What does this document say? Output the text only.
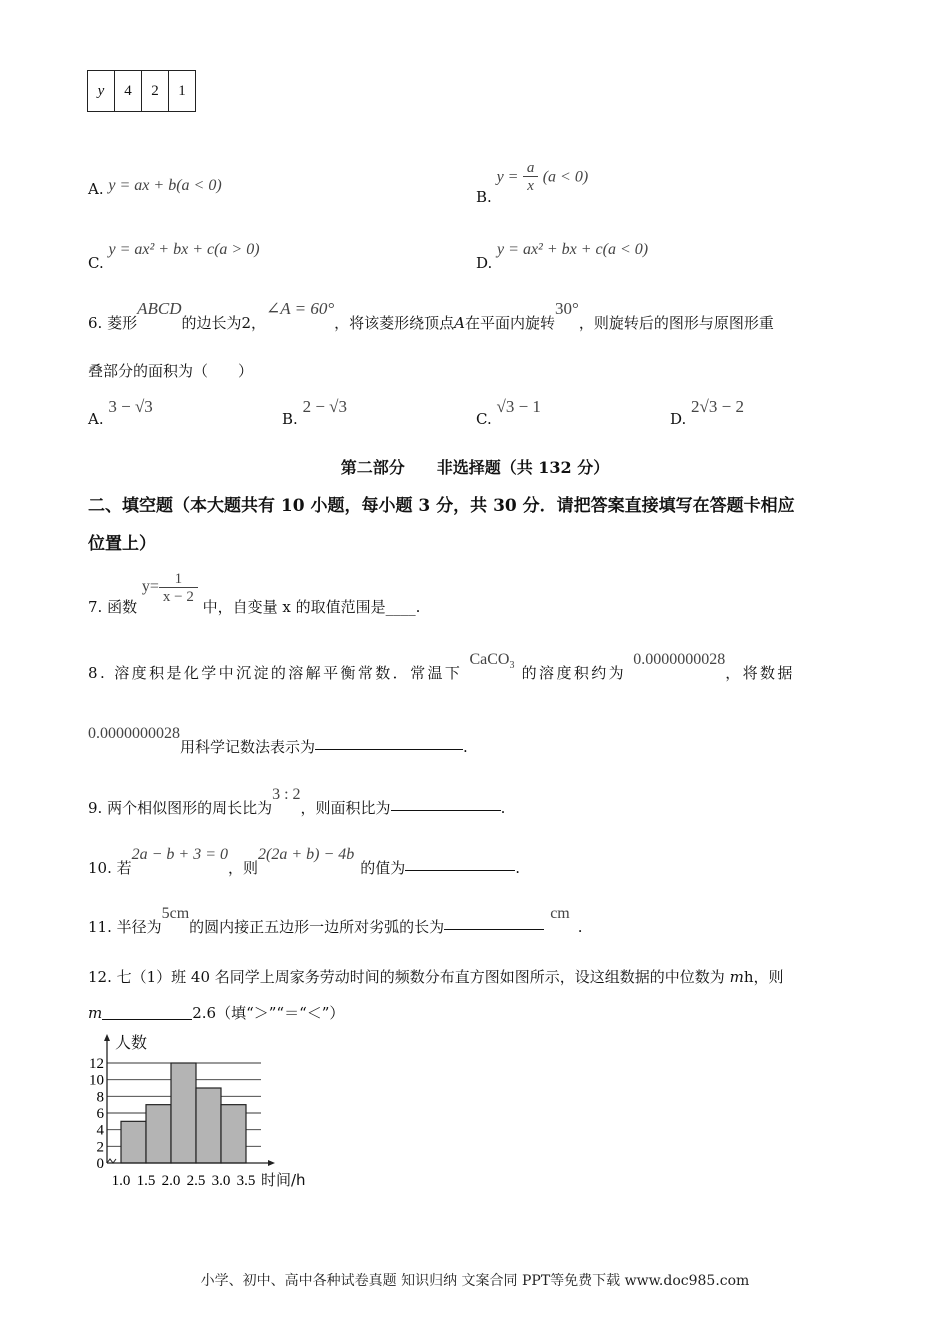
y	4	2	1
A. y = ax + b(a < 0)
B. $y = \frac{a}{x} (a < 0)$
C. y = ax² + bx + c(a > 0)
D. y = ax² + bx + c(a < 0)
6. 菱形ABCD的边长为2，∠A = 60°，将该菱形绕顶点A在平面内旋转30°，则旋转后的图形与原图形重
叠部分的面积为（　　）
A. 3 − √3
B. 2 − √3
C. √3 − 1
D. 2√3 − 2
第二部分　　非选择题（共 132 分）
二、填空题（本大题共有 10 小题，每小题 3 分，共 30 分．请把答案直接填写在答题卡相应
位置上）
7. 函数 $y= \frac{1}{x - 2}$
中，自变量 x 的取值范围是____.
8. 溶度积是化学中沉淀的溶解平衡常数．常温下 CaCO$_3$ 的溶度积约为 0.0000000028，将数据
0.0000000028用科学记数法表示为	.
9. 两个相似图形的周长比为3 : 2，则面积比为	.
10. 若2a − b + 3 = 0，则2(2a + b) − 4b的值为	.
11. 半径为5cm的圆内接正五边形一边所对劣弧的长为cm.
12. 七（1）班 40 名同学上周家务劳动时间的频数分布直方图如图所示，设这组数据的中位数为 mh，则
m	2.6（填“＞”“＝“＜”）
0
2
4
6
8
10
12
1.0 1.5 2.0 2.5 3.0 3.5
人数
时间/h
小学、初中、高中各种试卷真题 知识归纳 文案合同 PPT等免费下载 www.doc985.com
